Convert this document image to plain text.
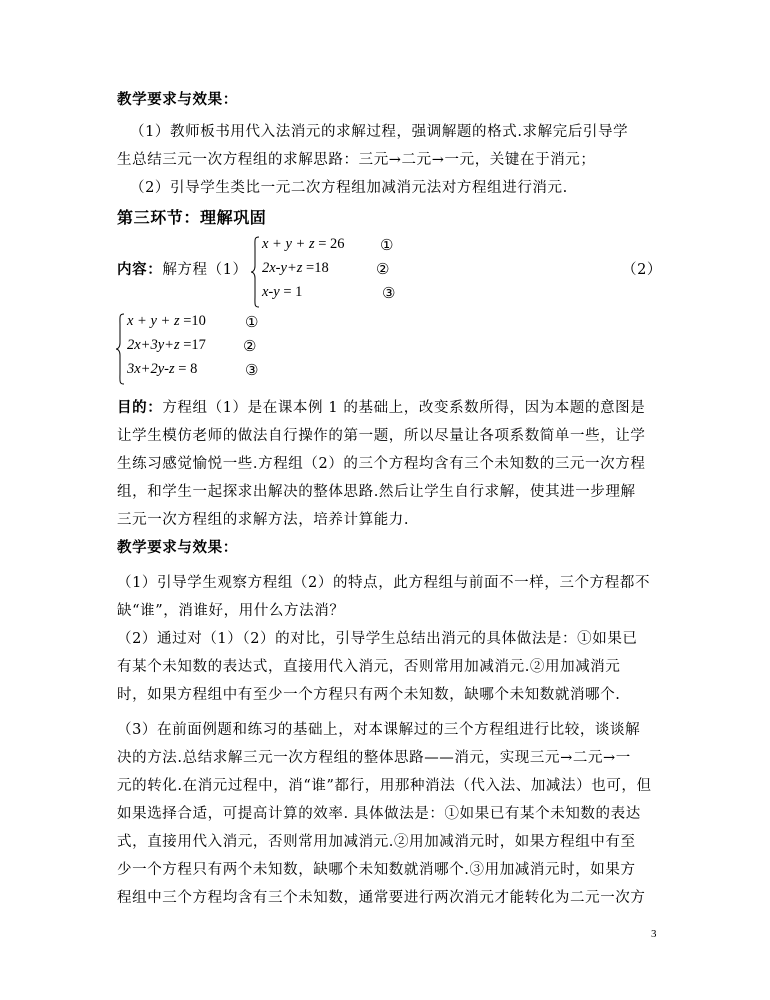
教学要求与效果：
（1）教师板书用代入法消元的求解过程，强调解题的格式.求解完后引导学
生总结三元一次方程组的求解思路：三元→二元→一元，关键在于消元；
（2）引导学生类比一元二次方程组加减消元法对方程组进行消元.
第三环节：理解巩固
内容：解方程（1）	（2）
x + y + z = 26 ①
2x-y+z =18	②
x-y = 1	③
x + y + z =10	①
2x+3y+z =17 ②
3x+2y-z = 8	③
目的：方程组（1）是在课本例 1 的基础上，改变系数所得，因为本题的意图是
让学生模仿老师的做法自行操作的第一题，所以尽量让各项系数简单一些，让学
生练习感觉愉悦一些.方程组（2）的三个方程均含有三个未知数的三元一次方程
组，和学生一起探求出解决的整体思路.然后让学生自行求解，使其进一步理解
三元一次方程组的求解方法，培养计算能力.
教学要求与效果：
（1）引导学生观察方程组（2）的特点，此方程组与前面不一样，三个方程都不
缺“谁”，消谁好，用什么方法消？
（2）通过对（1）（2）的对比，引导学生总结出消元的具体做法是：①如果已
有某个未知数的表达式，直接用代入消元，否则常用加减消元.②用加减消元
时，如果方程组中有至少一个方程只有两个未知数，缺哪个未知数就消哪个.
（3）在前面例题和练习的基础上，对本课解过的三个方程组进行比较，谈谈解
决的方法.总结求解三元一次方程组的整体思路——消元，实现三元→二元→一
元的转化.在消元过程中，消“谁”都行，用那种消法（代入法、加减法）也可，但
如果选择合适，可提高计算的效率. 具体做法是：①如果已有某个未知数的表达
式，直接用代入消元，否则常用加减消元.②用加减消元时，如果方程组中有至
少一个方程只有两个未知数，缺哪个未知数就消哪个.③用加减消元时，如果方
程组中三个方程均含有三个未知数，通常要进行两次消元才能转化为二元一次方
3
